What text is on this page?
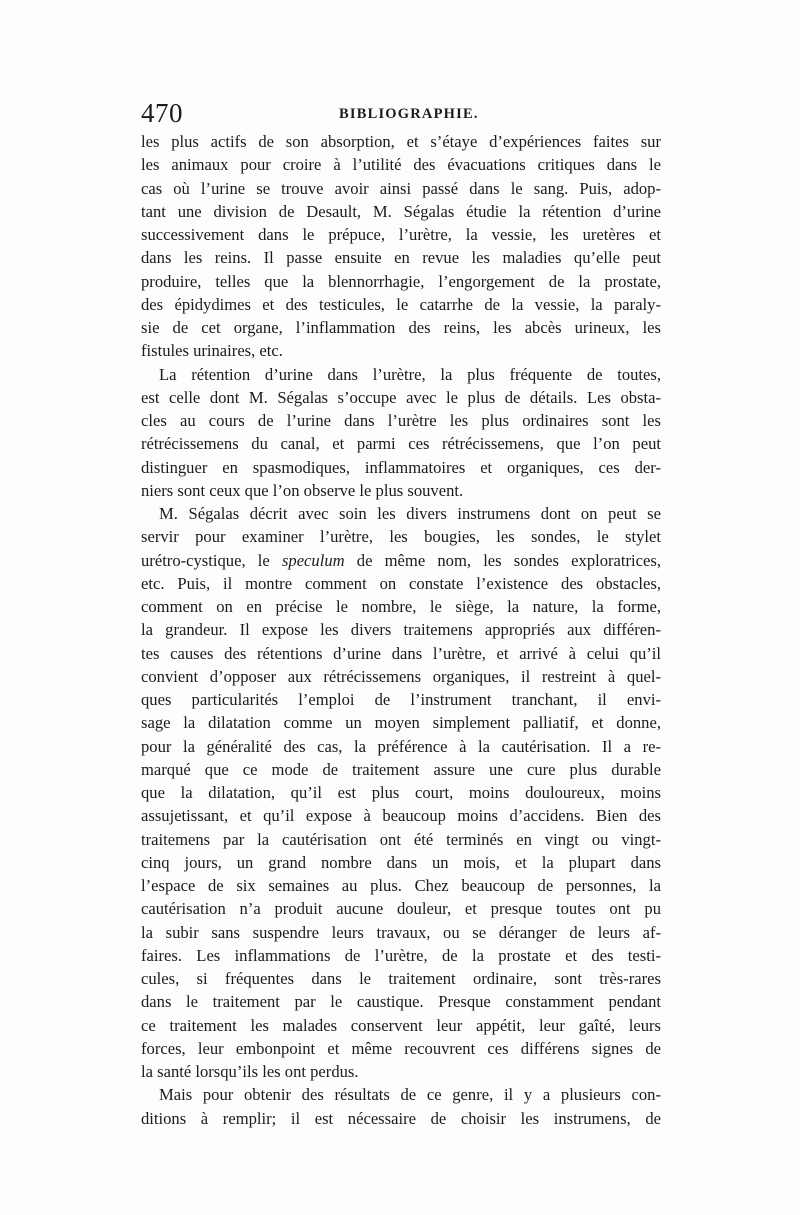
470	BIBLIOGRAPHIE.
les plus actifs de son absorption, et s’étaye d’expériences faites sur
les animaux pour croire à l’utilité des évacuations critiques dans le
cas où l’urine se trouve avoir ainsi passé dans le sang. Puis, adop-
tant une division de Desault, M. Ségalas étudie la rétention d’urine
successivement dans le prépuce, l’urètre, la vessie, les uretères et
dans les reins. Il passe ensuite en revue les maladies qu’elle peut
produire, telles que la blennorrhagie, l’engorgement de la prostate,
des épidydimes et des testicules, le catarrhe de la vessie, la paraly-
sie de cet organe, l’inflammation des reins, les abcès urineux, les
fistules urinaires, etc.
La rétention d’urine dans l’urètre, la plus fréquente de toutes,
est celle dont M. Ségalas s’occupe avec le plus de détails. Les obsta-
cles au cours de l’urine dans l’urètre les plus ordinaires sont les
rétrécissemens du canal, et parmi ces rétrécissemens, que l’on peut
distinguer en spasmodiques, inflammatoires et organiques, ces der-
niers sont ceux que l’on observe le plus souvent.
M. Ségalas décrit avec soin les divers instrumens dont on peut se
servir pour examiner l’urètre, les bougies, les sondes, le stylet
urétro-cystique, le speculum de même nom, les sondes exploratrices,
etc. Puis, il montre comment on constate l’existence des obstacles,
comment on en précise le nombre, le siège, la nature, la forme,
la grandeur. Il expose les divers traitemens appropriés aux différen-
tes causes des rétentions d’urine dans l’urètre, et arrivé à celui qu’il
convient d’opposer aux rétrécissemens organiques, il restreint à quel-
ques particularités l’emploi de l’instrument tranchant, il envi-
sage la dilatation comme un moyen simplement palliatif, et donne,
pour la généralité des cas, la préférence à la cautérisation. Il a re-
marqué que ce mode de traitement assure une cure plus durable
que la dilatation, qu’il est plus court, moins douloureux, moins
assujetissant, et qu’il expose à beaucoup moins d’accidens. Bien des
traitemens par la cautérisation ont été terminés en vingt ou vingt-
cinq jours, un grand nombre dans un mois, et la plupart dans
l’espace de six semaines au plus. Chez beaucoup de personnes, la
cautérisation n’a produit aucune douleur, et presque toutes ont pu
la subir sans suspendre leurs travaux, ou se déranger de leurs af-
faires. Les inflammations de l’urètre, de la prostate et des testi-
cules, si fréquentes dans le traitement ordinaire, sont très-rares
dans le traitement par le caustique. Presque constamment pendant
ce traitement les malades conservent leur appétit, leur gaîté, leurs
forces, leur embonpoint et même recouvrent ces différens signes de
la santé lorsqu’ils les ont perdus.
Mais pour obtenir des résultats de ce genre, il y a plusieurs con-
ditions à remplir; il est nécessaire de choisir les instrumens, de
